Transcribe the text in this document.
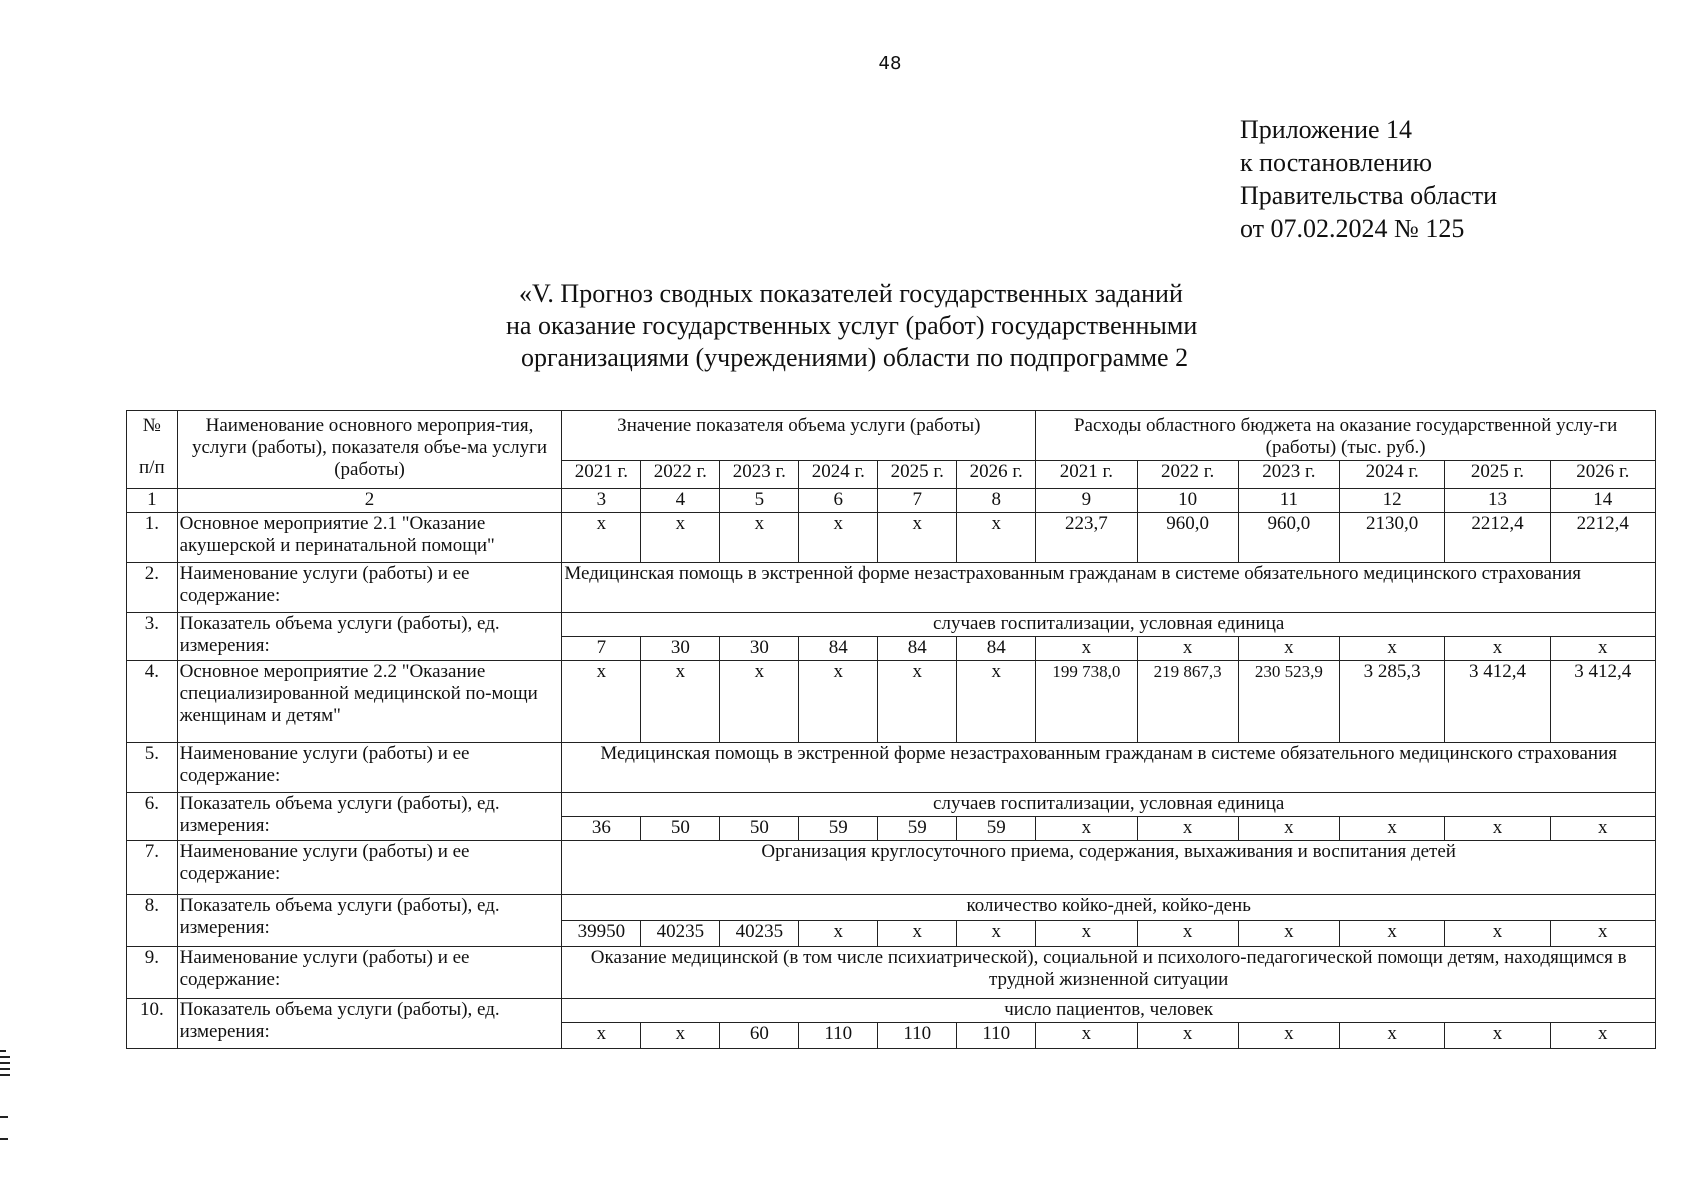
48
Приложение 14
к постановлению
Правительства области
от 07.02.2024 № 125
«V. Прогноз сводных показателей государственных заданий
на оказание государственных услуг (работ) государственными
организациями (учреждениями) области по подпрограмме 2
№
п/п	Наименование основного мероприя-тия, услуги (работы), показателя объе-ма услуги (работы)	Значение показателя объема услуги (работы)						Расходы областного бюджета на оказание государственной услу-ги (работы) (тыс. руб.)					
		2021 г.	2022 г.	2023 г.	2024 г.	2025 г.	2026 г.	2021 г.	2022 г.	2023 г.	2024 г.	2025 г.	2026 г.
1	2	3	4	5	6	7	8	9	10	11	12	13	14
1.	Основное мероприятие 2.1 "Оказание акушерской и перинатальной помощи"	х	х	х	х	х	х	223,7	960,0	960,0	2130,0	2212,4	2212,4
2.	Наименование услуги (работы) и ее содержание:	Медицинская помощь в экстренной форме незастрахованным гражданам в системе обязательного медицинского страхования											
3.	Показатель объема услуги (работы), ед. измерения:	случаев госпитализации, условная единица											
		7	30	30	84	84	84	х	х	х	х	х	х
4.	Основное мероприятие 2.2 "Оказание специализированной медицинской по-мощи женщинам и детям"	х	х	х	х	х	х	199 738,0	219 867,3	230 523,9	3 285,3	3 412,4	3 412,4
5.	Наименование услуги (работы) и ее содержание:	Медицинская помощь в экстренной форме незастрахованным гражданам в системе обязательного медицинского страхования											
6.	Показатель объема услуги (работы), ед. измерения:	случаев госпитализации, условная единица											
		36	50	50	59	59	59	х	х	х	х	х	х
7.	Наименование услуги (работы) и ее содержание:	Организация круглосуточного приема, содержания, выхаживания и воспитания детей											
8.	Показатель объема услуги (работы), ед. измерения:	количество койко-дней, койко-день											
		39950	40235	40235	х	х	х	х	х	х	х	х	х
9.	Наименование услуги (работы) и ее содержание:	Оказание медицинской (в том числе психиатрической), социальной и психолого-педагогической помощи детям, находящимся в трудной жизненной ситуации											
10.	Показатель объема услуги (работы), ед. измерения:	число пациентов, человек											
		х	х	60	110	110	110	х	х	х	х	х	х
